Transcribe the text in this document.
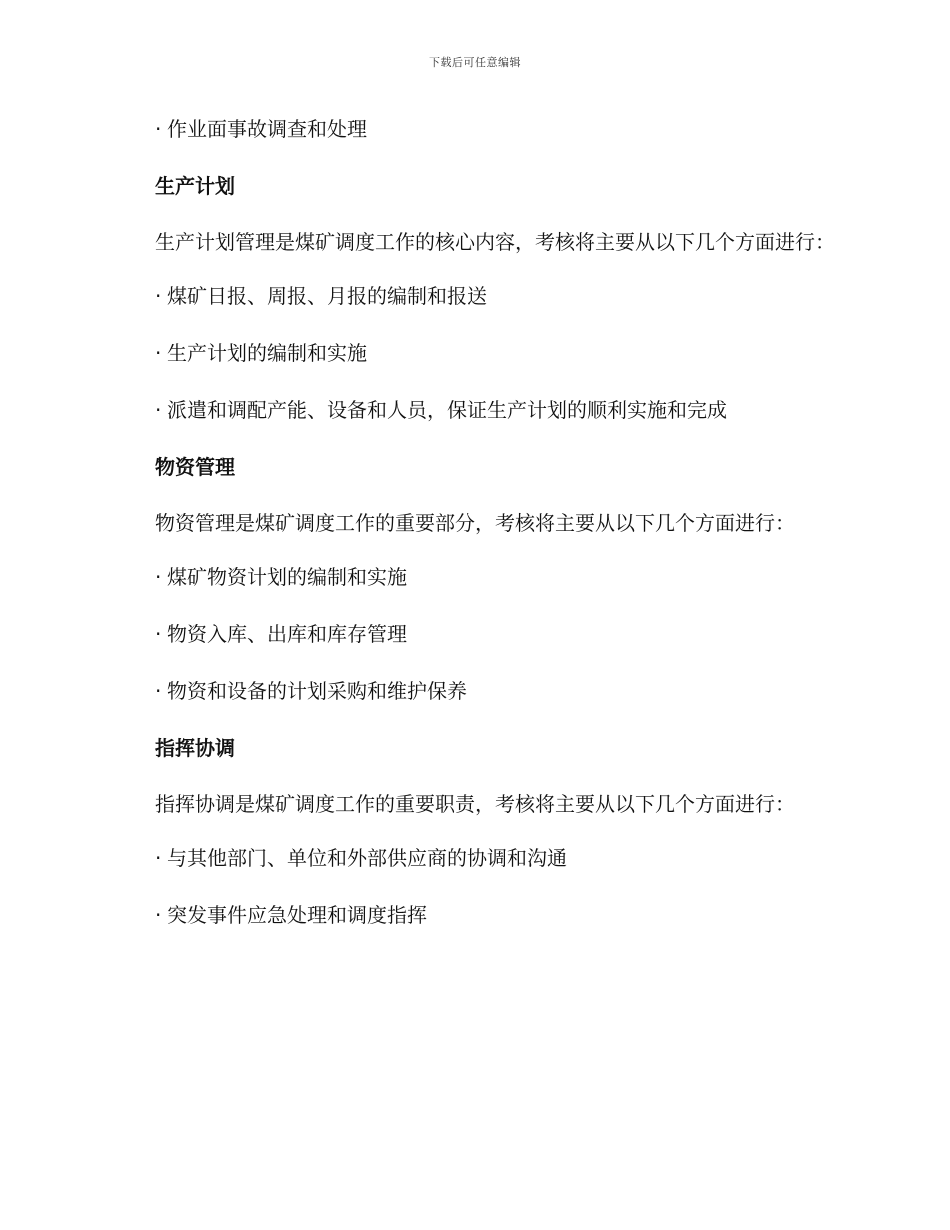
下载后可任意编辑

· 作业面事故调查和处理

生产计划

生产计划管理是煤矿调度工作的核心内容，考核将主要从以下几个方面进行：

· 煤矿日报、周报、月报的编制和报送

· 生产计划的编制和实施

· 派遣和调配产能、设备和人员，保证生产计划的顺利实施和完成

物资管理

物资管理是煤矿调度工作的重要部分，考核将主要从以下几个方面进行：

· 煤矿物资计划的编制和实施

· 物资入库、出库和库存管理

· 物资和设备的计划采购和维护保养

指挥协调

指挥协调是煤矿调度工作的重要职责，考核将主要从以下几个方面进行：

· 与其他部门、单位和外部供应商的协调和沟通

· 突发事件应急处理和调度指挥
